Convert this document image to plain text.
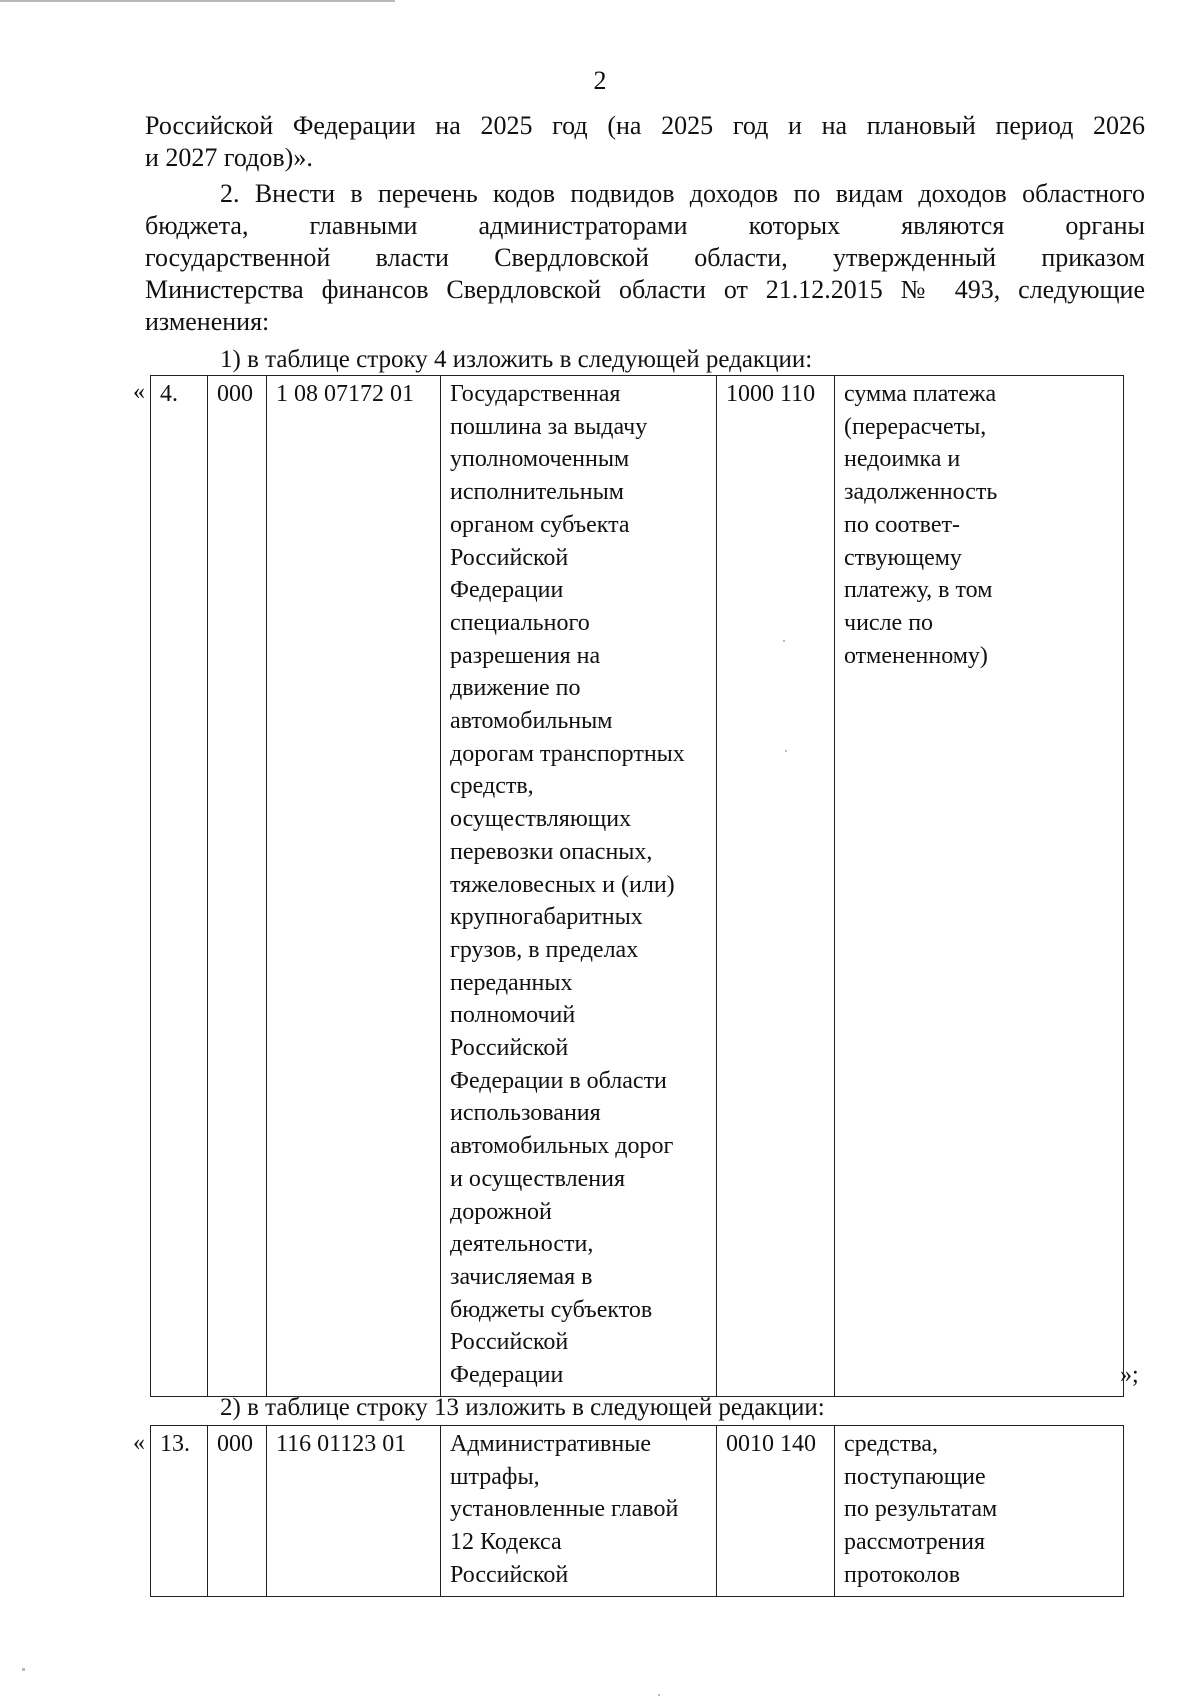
2
Российской Федерации на 2025 год (на 2025 год и на плановый период 2026
и 2027 годов)».
2. Внести в перечень кодов подвидов доходов по видам доходов областного
бюджета, главными администраторами которых являются органы
государственной власти Свердловской области, утвержденный приказом
Министерства финансов Свердловской области от 21.12.2015 № 493, следующие
изменения:
1) в таблице строку 4 изложить в следующей редакции:
« 4.	000	1 08 07172 01	Государственная
пошлина за выдачу
уполномоченным
исполнительным
органом субъекта
Российской
Федерации
специального
разрешения на
движение по
автомобильным
дорогам транспортных
средств,
осуществляющих
перевозки опасных,
тяжеловесных и (или)
крупногабаритных
грузов, в пределах
переданных
полномочий
Российской
Федерации в области
использования
автомобильных дорог
и осуществления
дорожной
деятельности,
зачисляемая в
бюджеты субъектов
Российской
Федерации	1000 110	сумма платежа
(перерасчеты,
недоимка и
задолженность
по соответ-
ствующему
платежу, в том
числе по
отмененному)
»;
2) в таблице строку 13 изложить в следующей редакции:
« 13.	000	116 01123 01	Административные
штрафы,
установленные главой
12 Кодекса
Российской	0010 140	средства,
поступающие
по результатам
рассмотрения
протоколов
